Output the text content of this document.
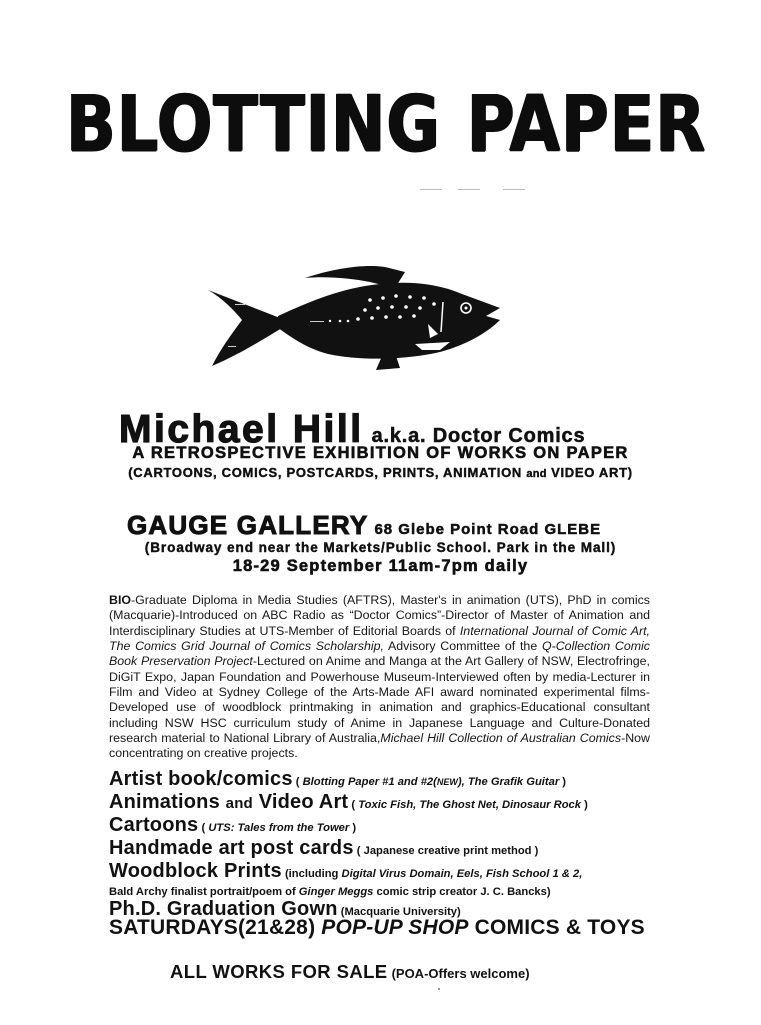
BLOTTING PAPER
Michael Hill a.k.a. Doctor Comics
A RETROSPECTIVE EXHIBITION OF WORKS ON PAPER
(CARTOONS, COMICS, POSTCARDS, PRINTS, ANIMATION and VIDEO ART)
GAUGE GALLERY 68 Glebe Point Road GLEBE
(Broadway end near the Markets/Public School. Park in the Mall)
18-29 September 11am-7pm daily
BIO-Graduate Diploma in Media Studies (AFTRS), Master's in animation (UTS), PhD in comics (Macquarie)-Introduced on ABC Radio as “Doctor Comics”-Director of Master of Animation and Interdisciplinary Studies at UTS-Member of Editorial Boards of International Journal of Comic Art, The Comics Grid Journal of Comics Scholarship, Advisory Committee of the Q-Collection Comic Book Preservation Project-Lectured on Anime and Manga at the Art Gallery of NSW, Electrofringe, DiGiT Expo, Japan Foundation and Powerhouse Museum-Interviewed often by media-Lecturer in Film and Video at Sydney College of the Arts-Made AFI award nominated experimental films-Developed use of woodblock printmaking in animation and graphics-Educational consultant including NSW HSC curriculum study of Anime in Japanese Language and Culture-Donated research material to National Library of Australia,Michael Hill Collection of Australian Comics-Now concentrating on creative projects.
Artist book/comics ( Blotting Paper #1 and #2(NEW), The Grafik Guitar )
Animations and Video Art ( Toxic Fish, The Ghost Net, Dinosaur Rock )
Cartoons ( UTS: Tales from the Tower )
Handmade art post cards ( Japanese creative print method )
Woodblock Prints (including Digital Virus Domain, Eels, Fish School 1 & 2,
Bald Archy finalist portrait/poem of Ginger Meggs comic strip creator J. C. Bancks)
Ph.D. Graduation Gown (Macquarie University)
SATURDAYS(21&28) POP-UP SHOP COMICS & TOYS
ALL WORKS FOR SALE (POA-Offers welcome)
